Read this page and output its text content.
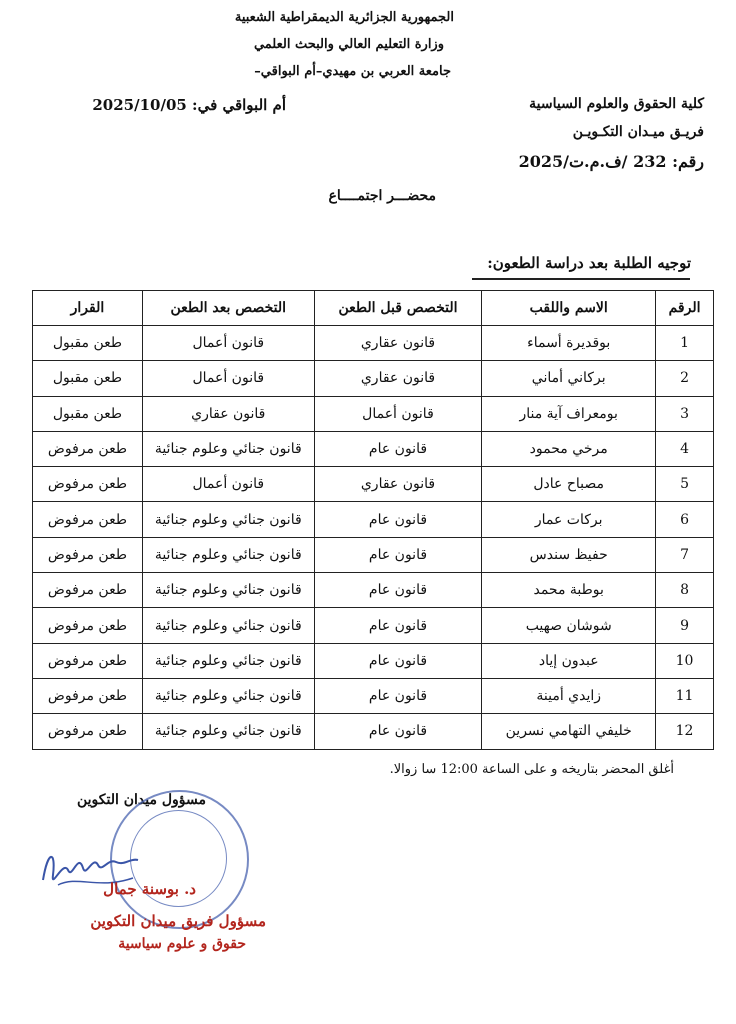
الجمهورية الجزائرية الديمقراطية الشعبية
وزارة التعليم العالي والبحث العلمي
جامعة العربي بن مهيدي–أم البواقي–
كلية الحقوق والعلوم السياسية
فريـق ميـدان التكـويـن
رقم: 232 /ف.م.ت/2025
أم البواقي في: 2025/10/05
محضـــر اجتمــــاع
توجيه الطلبة بعد دراسة الطعون:
الرقم	الاسم واللقب	التخصص قبل الطعن	التخصص بعد الطعن	القرار
1	بوقديرة أسماء	قانون عقاري	قانون أعمال	طعن مقبول
2	بركاني أماني	قانون عقاري	قانون أعمال	طعن مقبول
3	بومعراف آية منار	قانون أعمال	قانون عقاري	طعن مقبول
4	مرخي محمود	قانون عام	قانون جنائي وعلوم جنائية	طعن مرفوض
5	مصباح عادل	قانون عقاري	قانون أعمال	طعن مرفوض
6	بركات عمار	قانون عام	قانون جنائي وعلوم جنائية	طعن مرفوض
7	حفيظ سندس	قانون عام	قانون جنائي وعلوم جنائية	طعن مرفوض
8	بوطبة محمد	قانون عام	قانون جنائي وعلوم جنائية	طعن مرفوض
9	شوشان صهيب	قانون عام	قانون جنائي وعلوم جنائية	طعن مرفوض
10	عبدون إياد	قانون عام	قانون جنائي وعلوم جنائية	طعن مرفوض
11	زايدي أمينة	قانون عام	قانون جنائي وعلوم جنائية	طعن مرفوض
12	خليفي التهامي نسرين	قانون عام	قانون جنائي وعلوم جنائية	طعن مرفوض
أغلق المحضر بتاريخه و على الساعة 12:00 سا زوالا.
مسؤول ميدان التكوين
د. بوسنة جمال
مسؤول فريق ميدان التكوين
حقوق و علوم سياسية
